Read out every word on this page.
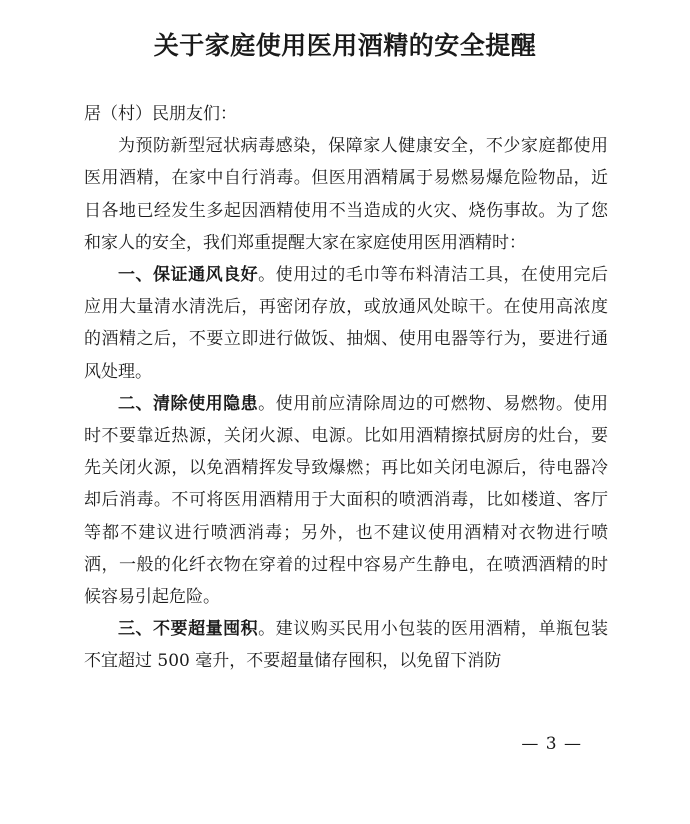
关于家庭使用医用酒精的安全提醒

居（村）民朋友们：

为预防新型冠状病毒感染，保障家人健康安全，不少家庭都使用医用酒精，在家中自行消毒。但医用酒精属于易燃易爆危险物品，近日各地已经发生多起因酒精使用不当造成的火灾、烧伤事故。为了您和家人的安全，我们郑重提醒大家在家庭使用医用酒精时：

一、保证通风良好。使用过的毛巾等布料清洁工具，在使用完后应用大量清水清洗后，再密闭存放，或放通风处晾干。在使用高浓度的酒精之后，不要立即进行做饭、抽烟、使用电器等行为，要进行通风处理。

二、清除使用隐患。使用前应清除周边的可燃物、易燃物。使用时不要靠近热源，关闭火源、电源。比如用酒精擦拭厨房的灶台，要先关闭火源，以免酒精挥发导致爆燃；再比如关闭电源后，待电器冷却后消毒。不可将医用酒精用于大面积的喷洒消毒，比如楼道、客厅等都不建议进行喷洒消毒；另外，也不建议使用酒精对衣物进行喷洒，一般的化纤衣物在穿着的过程中容易产生静电，在喷洒酒精的时候容易引起危险。

三、不要超量囤积。建议购买民用小包装的医用酒精，单瓶包装不宜超过 500 毫升，不要超量储存囤积，以免留下消防

— 3 —
